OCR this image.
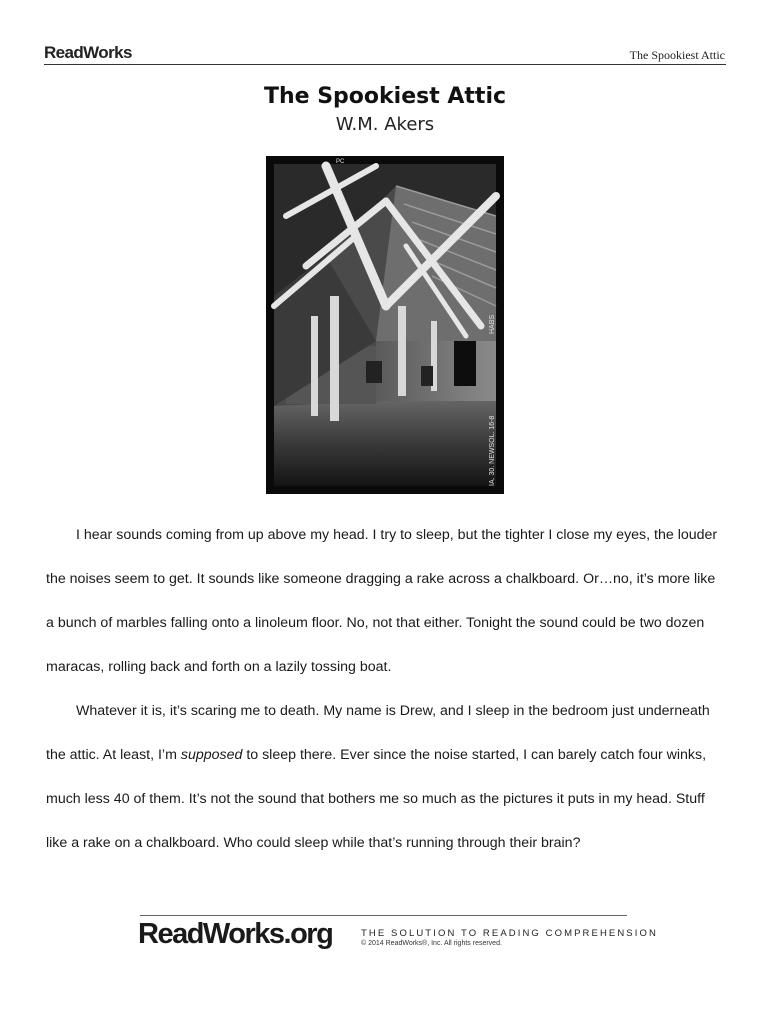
ReadWorks	The Spookiest Attic
The Spookiest Attic
W.M. Akers
IA. 30. NEWSOL. 16-8
HABS
PC

I hear sounds coming from up above my head. I try to sleep, but the tighter I close my eyes, the louder the noises seem to get. It sounds like someone dragging a rake across a chalkboard. Or…no, it’s more like a bunch of marbles falling onto a linoleum floor. No, not that either. Tonight the sound could be two dozen maracas, rolling back and forth on a lazily tossing boat.

Whatever it is, it’s scaring me to death. My name is Drew, and I sleep in the bedroom just underneath the attic. At least, I’m supposed to sleep there. Ever since the noise started, I can barely catch four winks, much less 40 of them. It’s not the sound that bothers me so much as the pictures it puts in my head. Stuff like a rake on a chalkboard. Who could sleep while that’s running through their brain?

ReadWorks.org	THE SOLUTION TO READING COMPREHENSION
© 2014 ReadWorks®, Inc. All rights reserved.
